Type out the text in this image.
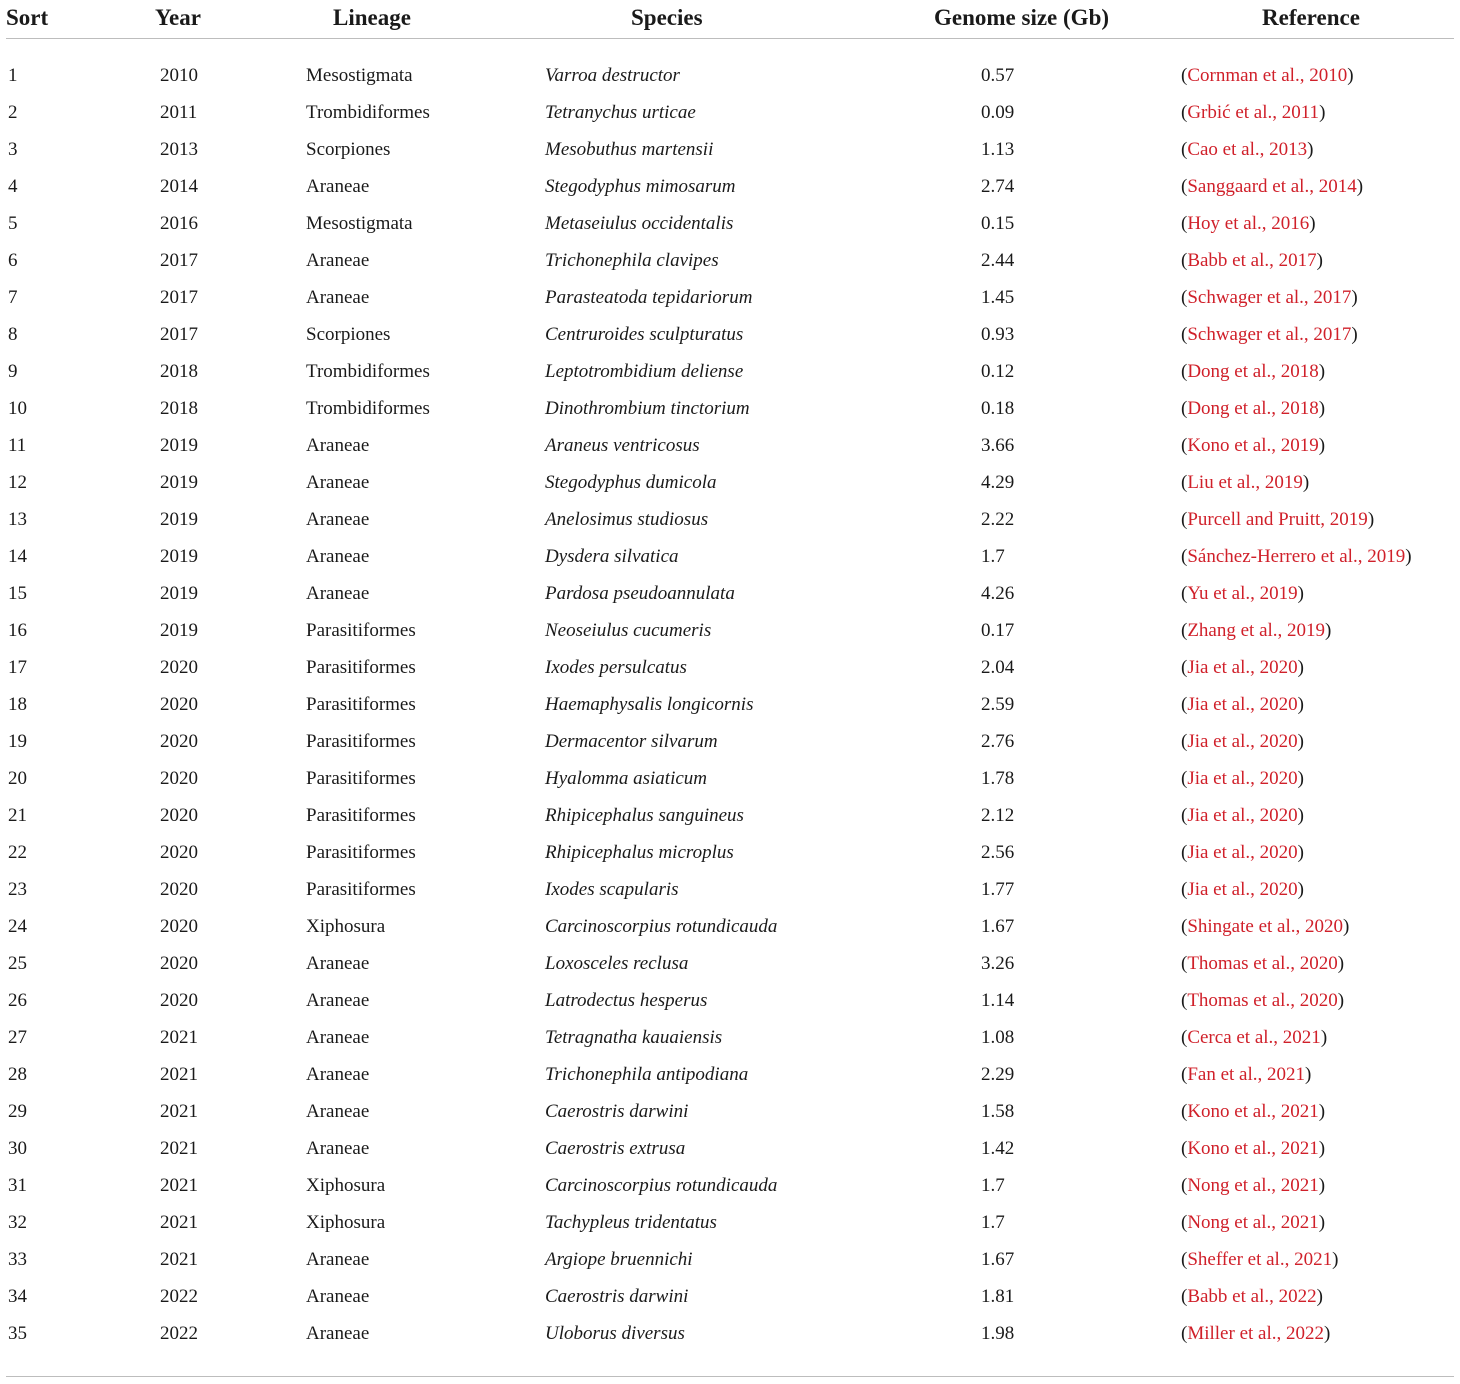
Sort	Year	Lineage	Species	Genome size (Gb)	Reference
1	2010	Mesostigmata	Varroa destructor	0.57	(Cornman et al., 2010)
2	2011	Trombidiformes	Tetranychus urticae	0.09	(Grbić et al., 2011)
3	2013	Scorpiones	Mesobuthus martensii	1.13	(Cao et al., 2013)
4	2014	Araneae	Stegodyphus mimosarum	2.74	(Sanggaard et al., 2014)
5	2016	Mesostigmata	Metaseiulus occidentalis	0.15	(Hoy et al., 2016)
6	2017	Araneae	Trichonephila clavipes	2.44	(Babb et al., 2017)
7	2017	Araneae	Parasteatoda tepidariorum	1.45	(Schwager et al., 2017)
8	2017	Scorpiones	Centruroides sculpturatus	0.93	(Schwager et al., 2017)
9	2018	Trombidiformes	Leptotrombidium deliense	0.12	(Dong et al., 2018)
10	2018	Trombidiformes	Dinothrombium tinctorium	0.18	(Dong et al., 2018)
11	2019	Araneae	Araneus ventricosus	3.66	(Kono et al., 2019)
12	2019	Araneae	Stegodyphus dumicola	4.29	(Liu et al., 2019)
13	2019	Araneae	Anelosimus studiosus	2.22	(Purcell and Pruitt, 2019)
14	2019	Araneae	Dysdera silvatica	1.7	(Sánchez-Herrero et al., 2019)
15	2019	Araneae	Pardosa pseudoannulata	4.26	(Yu et al., 2019)
16	2019	Parasitiformes	Neoseiulus cucumeris	0.17	(Zhang et al., 2019)
17	2020	Parasitiformes	Ixodes persulcatus	2.04	(Jia et al., 2020)
18	2020	Parasitiformes	Haemaphysalis longicornis	2.59	(Jia et al., 2020)
19	2020	Parasitiformes	Dermacentor silvarum	2.76	(Jia et al., 2020)
20	2020	Parasitiformes	Hyalomma asiaticum	1.78	(Jia et al., 2020)
21	2020	Parasitiformes	Rhipicephalus sanguineus	2.12	(Jia et al., 2020)
22	2020	Parasitiformes	Rhipicephalus microplus	2.56	(Jia et al., 2020)
23	2020	Parasitiformes	Ixodes scapularis	1.77	(Jia et al., 2020)
24	2020	Xiphosura	Carcinoscorpius rotundicauda	1.67	(Shingate et al., 2020)
25	2020	Araneae	Loxosceles reclusa	3.26	(Thomas et al., 2020)
26	2020	Araneae	Latrodectus hesperus	1.14	(Thomas et al., 2020)
27	2021	Araneae	Tetragnatha kauaiensis	1.08	(Cerca et al., 2021)
28	2021	Araneae	Trichonephila antipodiana	2.29	(Fan et al., 2021)
29	2021	Araneae	Caerostris darwini	1.58	(Kono et al., 2021)
30	2021	Araneae	Caerostris extrusa	1.42	(Kono et al., 2021)
31	2021	Xiphosura	Carcinoscorpius rotundicauda	1.7	(Nong et al., 2021)
32	2021	Xiphosura	Tachypleus tridentatus	1.7	(Nong et al., 2021)
33	2021	Araneae	Argiope bruennichi	1.67	(Sheffer et al., 2021)
34	2022	Araneae	Caerostris darwini	1.81	(Babb et al., 2022)
35	2022	Araneae	Uloborus diversus	1.98	(Miller et al., 2022)
